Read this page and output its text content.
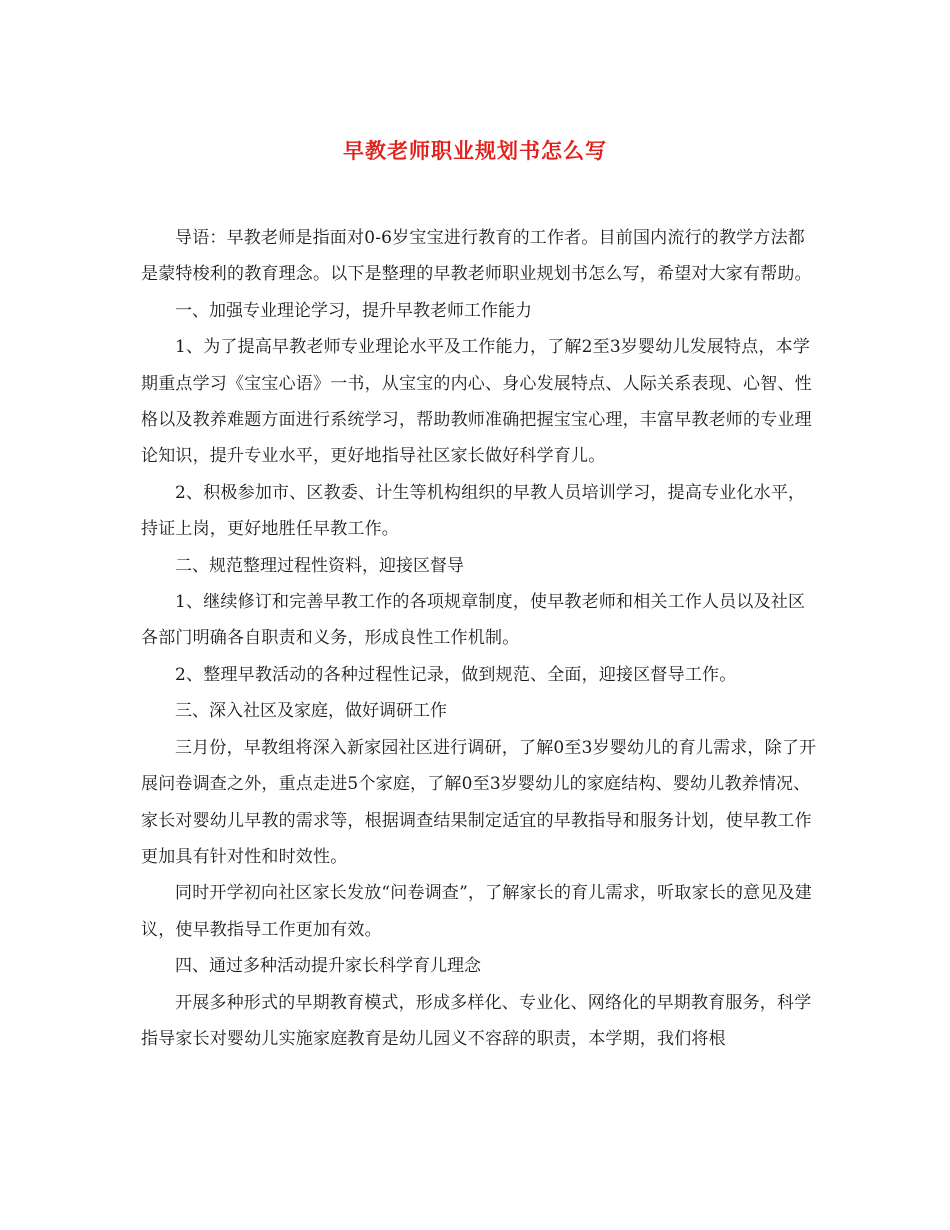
早教老师职业规划书怎么写

导语：早教老师是指面对0-6岁宝宝进行教育的工作者。目前国内流行的教学方法都是蒙特梭利的教育理念。以下是整理的早教老师职业规划书怎么写，希望对大家有帮助。

一、加强专业理论学习，提升早教老师工作能力

1、为了提高早教老师专业理论水平及工作能力，了解2至3岁婴幼儿发展特点，本学期重点学习《宝宝心语》一书，从宝宝的内心、身心发展特点、人际关系表现、心智、性格以及教养难题方面进行系统学习，帮助教师准确把握宝宝心理，丰富早教老师的专业理论知识，提升专业水平，更好地指导社区家长做好科学育儿。

2、积极参加市、区教委、计生等机构组织的早教人员培训学习，提高专业化水平，持证上岗，更好地胜任早教工作。

二、规范整理过程性资料，迎接区督导

1、继续修订和完善早教工作的各项规章制度，使早教老师和相关工作人员以及社区各部门明确各自职责和义务，形成良性工作机制。

2、整理早教活动的各种过程性记录，做到规范、全面，迎接区督导工作。

三、深入社区及家庭，做好调研工作

三月份，早教组将深入新家园社区进行调研，了解0至3岁婴幼儿的育儿需求，除了开展问卷调查之外，重点走进5个家庭，了解0至3岁婴幼儿的家庭结构、婴幼儿教养情况、家长对婴幼儿早教的需求等，根据调查结果制定适宜的早教指导和服务计划，使早教工作更加具有针对性和时效性。

同时开学初向社区家长发放“问卷调查”，了解家长的育儿需求，听取家长的意见及建议，使早教指导工作更加有效。

四、通过多种活动提升家长科学育儿理念

开展多种形式的早期教育模式，形成多样化、专业化、网络化的早期教育服务，科学指导家长对婴幼儿实施家庭教育是幼儿园义不容辞的职责，本学期，我们将根
